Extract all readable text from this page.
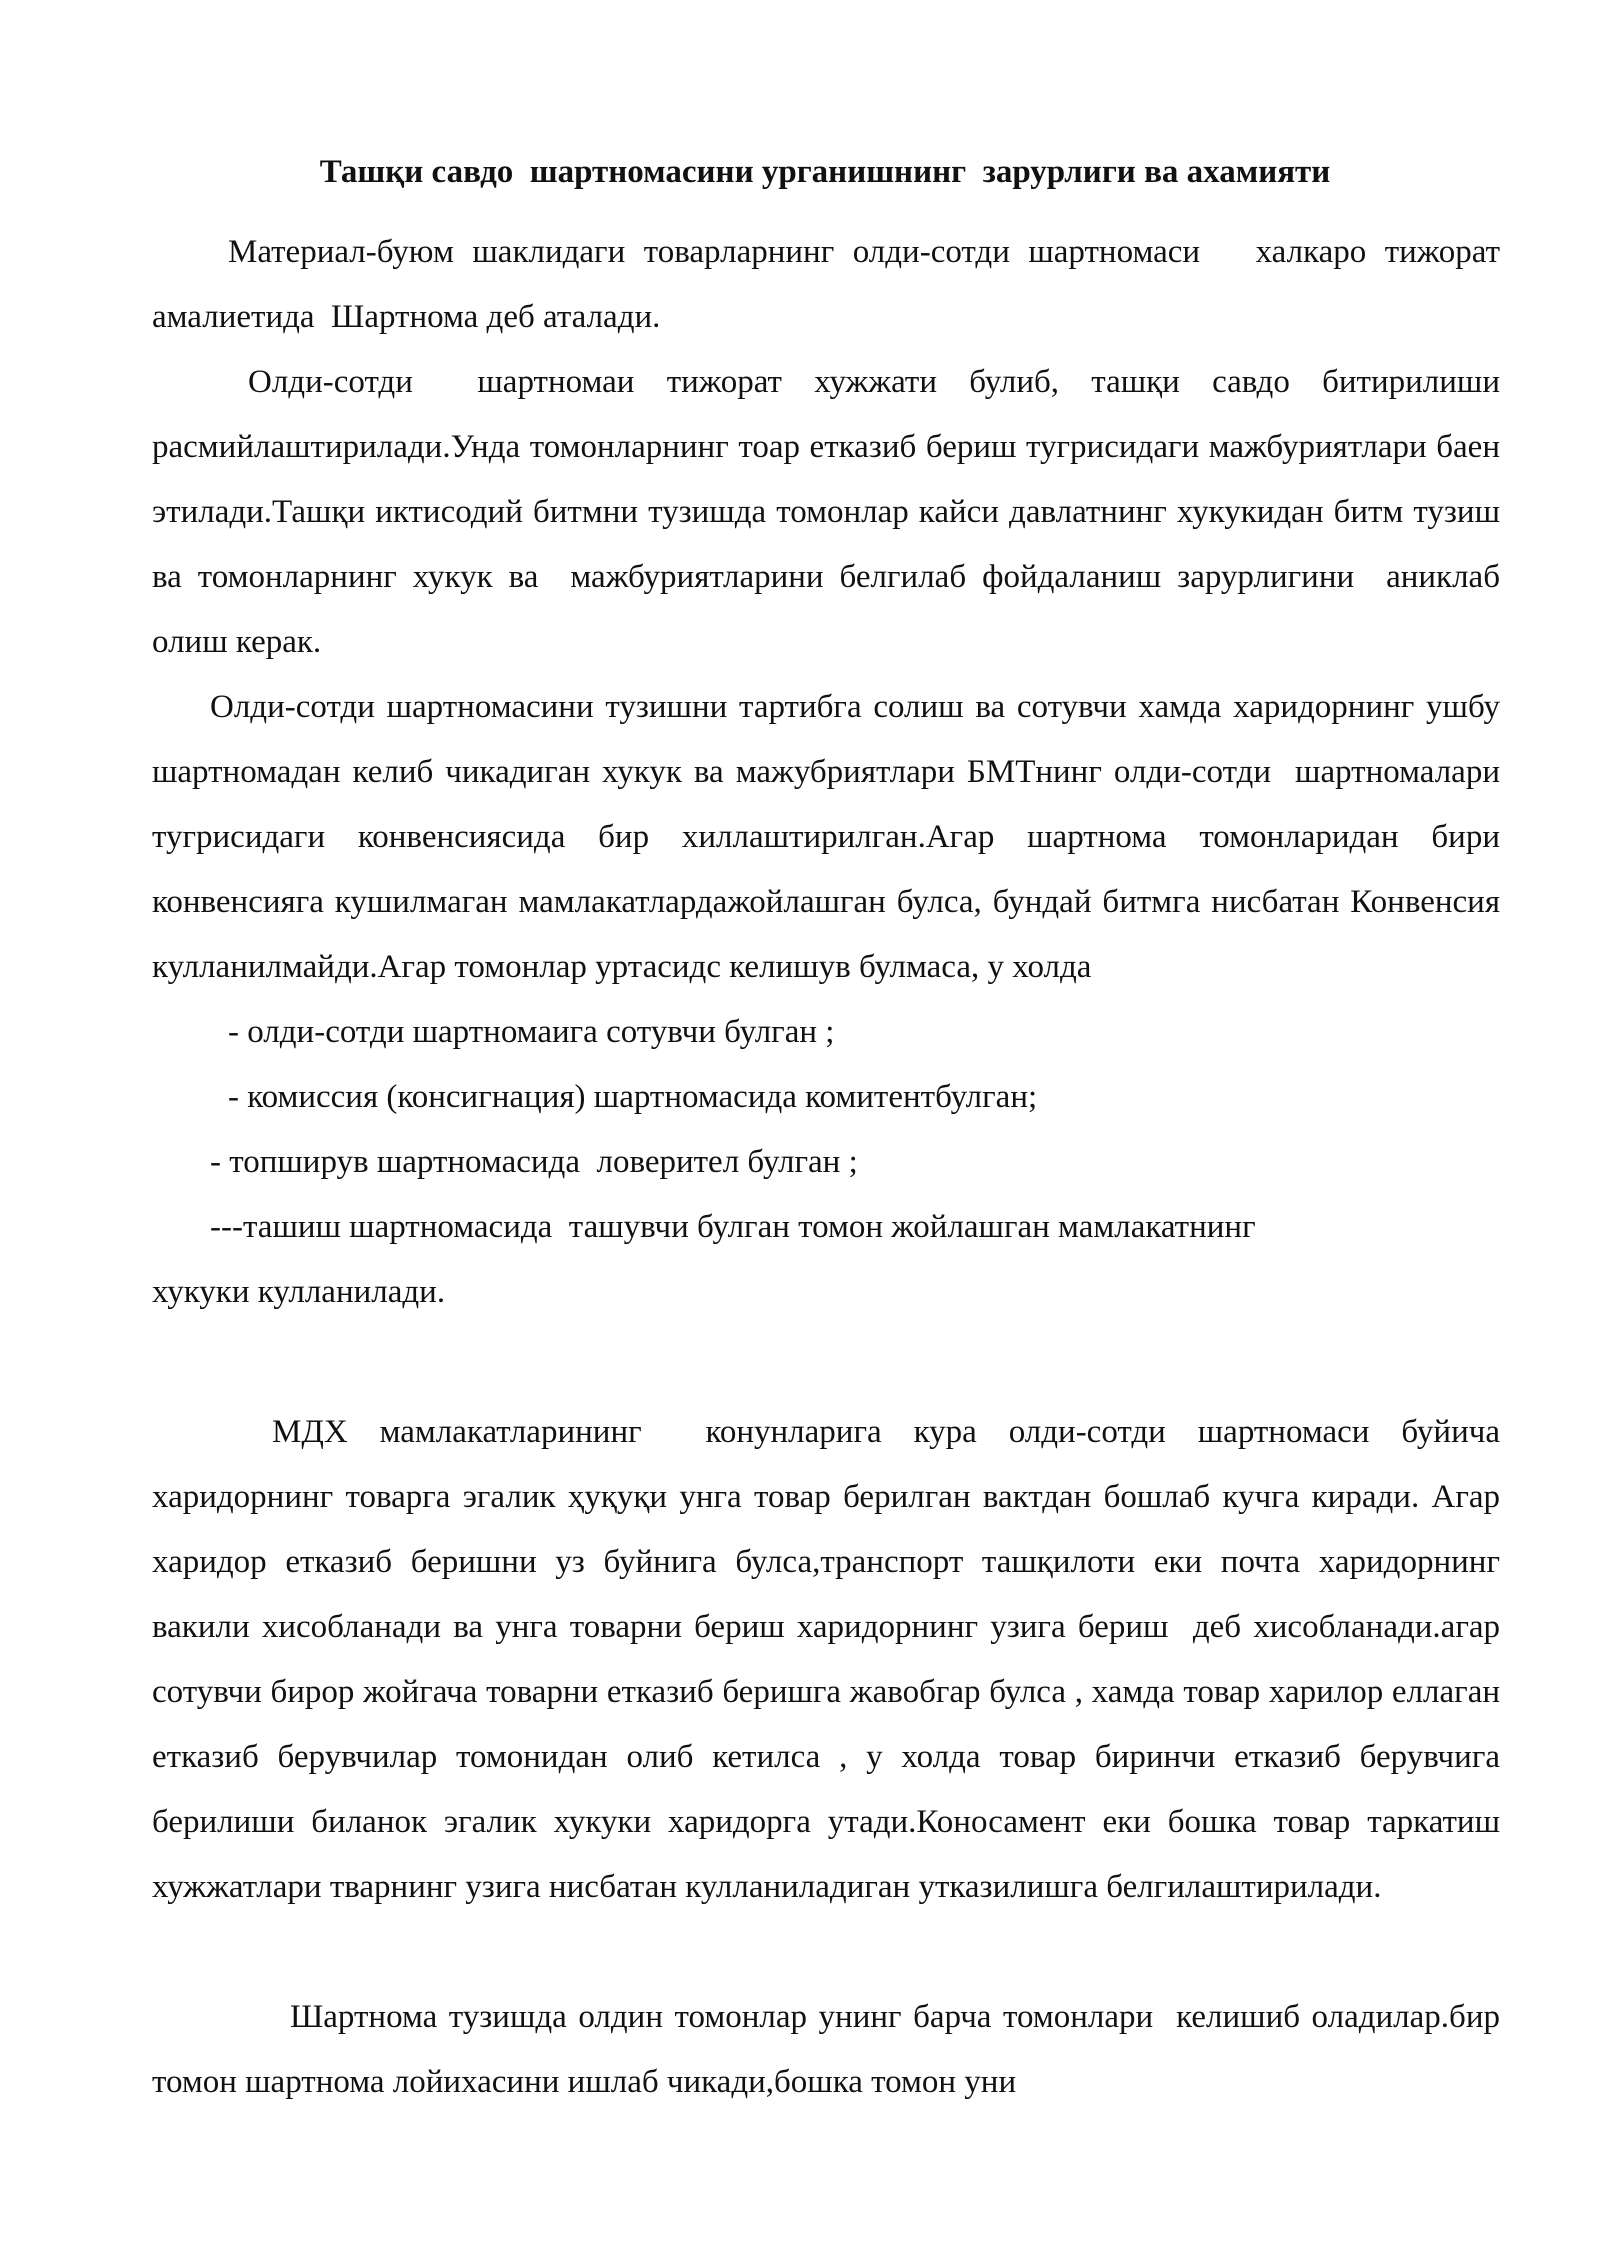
Ташқи савдо  шартномасини урганишнинг  зарурлиги ва ахамияти

Материал-буюм шаклидаги товарларнинг олди-сотди шартномаси   халкаро тижорат амалиетида  Шартнома деб аталади.

Олди-сотди  шартномаи тижорат хужжати булиб, ташқи савдо битирилиши расмийлаштирилади.Унда томонларнинг тоар етказиб бериш тугрисидаги мажбуриятлари баен этилади.Ташқи иктисодий битмни тузишда томонлар кайси давлатнинг хукукидан битм тузиш ва томонларнинг хукук ва  мажбуриятларини белгилаб фойдаланиш зарурлигини  аниклаб олиш керак.

Олди-сотди шартномасини тузишни тартибга солиш ва сотувчи хамда харидорнинг ушбу шартномадан келиб чикадиган хукук ва мажубриятлари БМТнинг олди-сотди  шартномалари тугрисидаги конвенсиясида бир хиллаштирилган.Агар шартнома томонларидан бири конвенсияга кушилмаган мамлакатлардажойлашган булса, бундай битмга нисбатан Конвенсия кулланилмайди.Агар томонлар уртасидс келишув булмаса, у холда

- олди-сотди шартномаига сотувчи булган ;

- комиссия (консигнация) шартномасида комитентбулган;

- топширув шартномасида  ловерител булган ;

---ташиш шартномасида  ташувчи булган томон жойлашган мамлакатнинг

хукуки кулланилади.

МДХ мамлакатларининг  конунларига кура олди-сотди шартномаси буйича харидорнинг товарга эгалик ҳуқуқи унга товар берилган вактдан бошлаб кучга киради. Агар харидор етказиб беришни уз буйнига булса,транспорт ташқилоти еки почта харидорнинг вакили хисобланади ва унга товарни бериш харидорнинг узига бериш  деб хисобланади.агар сотувчи бирор жойгача товарни етказиб беришга жавобгар булса , хамда товар харилор еллаган етказиб берувчилар томонидан олиб кетилса , у холда товар биринчи етказиб берувчига берилиши биланок эгалик хукуки харидорга утади.Коносамент еки бошка товар таркатиш хужжатлари тварнинг узига нисбатан кулланиладиган утказилишга белгилаштирилади.

Шартнома тузишда олдин томонлар унинг барча томонлари  келишиб оладилар.бир томон шартнома лойихасини ишлаб чикади,бошка томон уни
